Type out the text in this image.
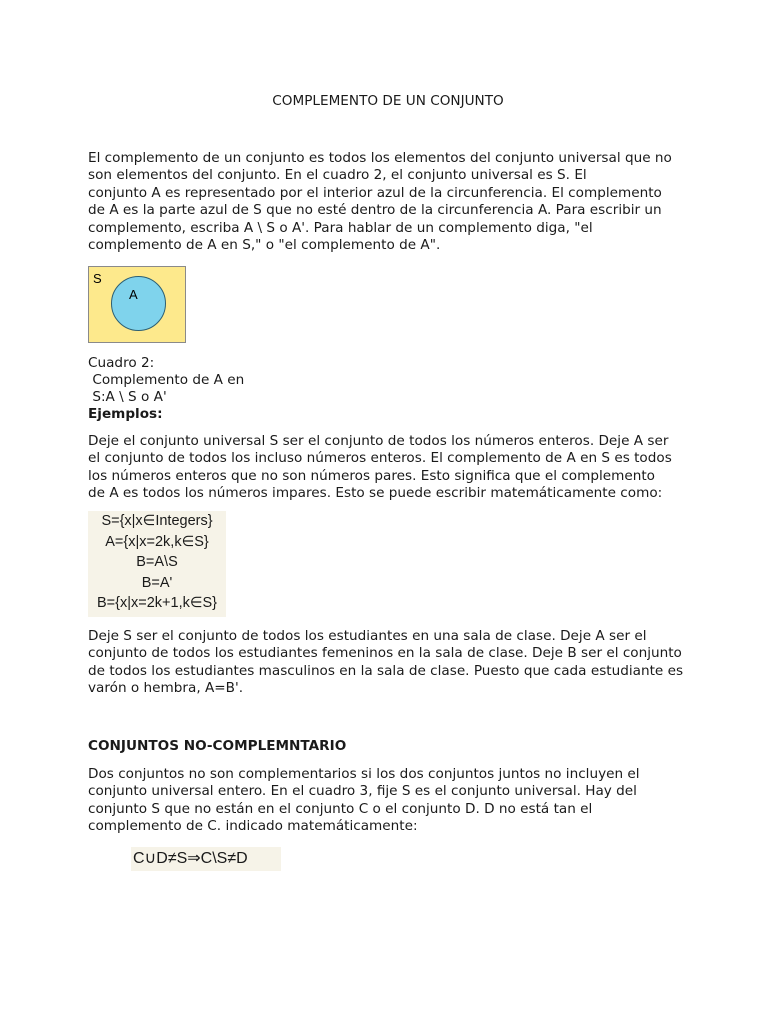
COMPLEMENTO DE UN CONJUNTO
El complemento de un conjunto es todos los elementos del conjunto universal que no
son elementos del conjunto. En el cuadro 2, el conjunto universal es S. El
conjunto A es representado por el interior azul de la circunferencia. El complemento
de A es la parte azul de S que no esté dentro de la circunferencia A. Para escribir un
complemento, escriba A \ S o A'. Para hablar de un complemento diga, "el
complemento de A en S," o "el complemento de A".
S
A
Cuadro 2:
Complemento de A en
S:A \ S o A'
Ejemplos:
Deje el conjunto universal S ser el conjunto de todos los números enteros. Deje A ser
el conjunto de todos los incluso números enteros. El complemento de A en S es todos
los números enteros que no son números pares. Esto significa que el complemento
de A es todos los números impares. Esto se puede escribir matemáticamente como:
S={x|x∈Integers}
A={x|x=2k,k∈S}
B=A\S
B=A'
B={x|x=2k+1,k∈S}
Deje S ser el conjunto de todos los estudiantes en una sala de clase. Deje A ser el
conjunto de todos los estudiantes femeninos en la sala de clase. Deje B ser el conjunto
de todos los estudiantes masculinos en la sala de clase. Puesto que cada estudiante es
varón o hembra, A=B'.
CONJUNTOS NO-COMPLEMNTARIO
Dos conjuntos no son complementarios si los dos conjuntos juntos no incluyen el
conjunto universal entero. En el cuadro 3, fije S es el conjunto universal. Hay del
conjunto S que no están en el conjunto C o el conjunto D. D no está tan el
complemento de C. indicado matemáticamente:
C∪D≠S⇒C\S≠D
